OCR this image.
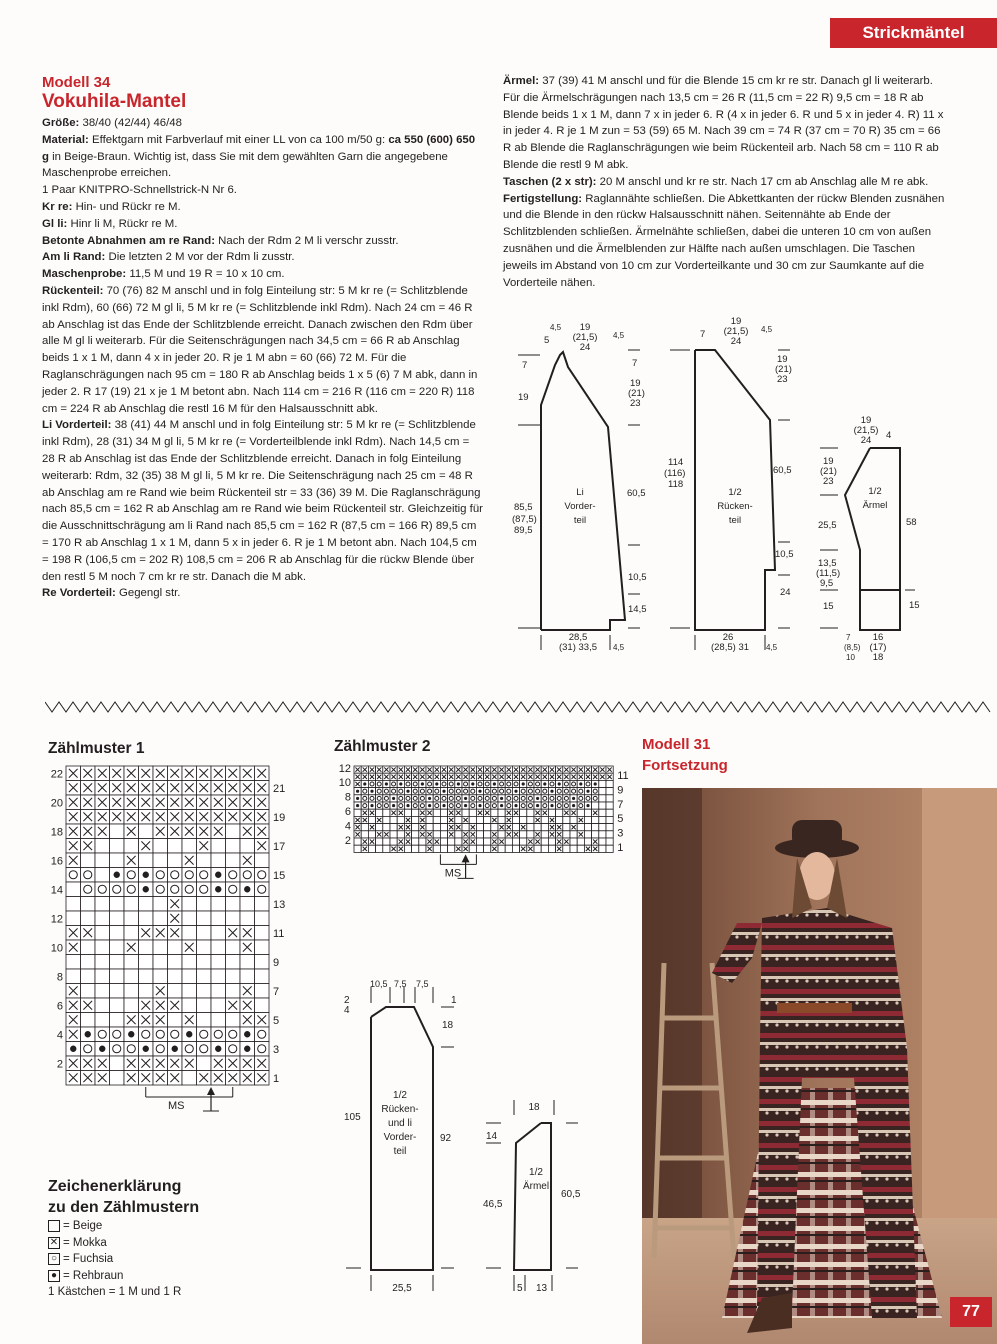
Strickmäntel
Modell 34
Vokuhila-Mantel

Größe: 38/40 (42/44) 46/48

Material: Effektgarn mit Farbverlauf mit einer LL von ca 100 m/50 g: ca 550 (600) 650 g in Beige-Braun. Wichtig ist, dass Sie mit dem gewählten Garn die angegebene Maschenprobe erreichen.

1 Paar KNITPRO-Schnellstrick-N Nr 6.

Kr re: Hin- und Rückr re M.

Gl li: Hinr li M, Rückr re M.

Betonte Abnahmen am re Rand: Nach der Rdm 2 M li verschr zusstr.

Am li Rand: Die letzten 2 M vor der Rdm li zusstr.

Maschenprobe: 11,5 M und 19 R = 10 x 10 cm.

Rückenteil: 70 (76) 82 M anschl und in folg Einteilung str: 5 M kr re (= Schlitzblende inkl Rdm), 60 (66) 72 M gl li, 5 M kr re (= Schlitzblende inkl Rdm). Nach 24 cm = 46 R ab Anschlag ist das Ende der Schlitzblende erreicht. Danach zwischen den Rdm über alle M gl li weiterarb. Für die Seitenschrägungen nach 34,5 cm = 66 R ab Anschlag beids 1 x 1 M, dann 4 x in jeder 20. R je 1 M abn = 60 (66) 72 M. Für die Raglanschrägungen nach 95 cm = 180 R ab Anschlag beids 1 x 5 (6) 7 M abk, dann in jeder 2. R 17 (19) 21 x je 1 M betont abn. Nach 114 cm = 216 R (116 cm = 220 R) 118 cm = 224 R ab Anschlag die restl 16 M für den Halsausschnitt abk.

Li Vorderteil: 38 (41) 44 M anschl und in folg Einteilung str: 5 M kr re (= Schlitzblende inkl Rdm), 28 (31) 34 M gl li, 5 M kr re (= Vorderteilblende inkl Rdm). Nach 14,5 cm = 28 R ab Anschlag ist das Ende der Schlitzblende erreicht. Danach in folg Einteilung weiterarb: Rdm, 32 (35) 38 M gl li, 5 M kr re. Die Seitenschrägung nach 25 cm = 48 R ab Anschlag am re Rand wie beim Rückenteil str = 33 (36) 39 M. Die Raglanschrägung nach 85,5 cm = 162 R ab Anschlag am re Rand wie beim Rückenteil str. Gleichzeitig für die Ausschnittschrägung am li Rand nach 85,5 cm = 162 R (87,5 cm = 166 R) 89,5 cm = 170 R ab Anschlag 1 x 1 M, dann 5 x in jeder 6. R je 1 M betont abn. Nach 104,5 cm = 198 R (106,5 cm = 202 R) 108,5 cm = 206 R ab Anschlag für die rückw Blende über den restl 5 M noch 7 cm kr re str. Danach die M abk.

Re Vorderteil: Gegengl str.

Ärmel: 37 (39) 41 M anschl und für die Blende 15 cm kr re str. Danach gl li weiterarb. Für die Ärmelschrägungen nach 13,5 cm = 26 R (11,5 cm = 22 R) 9,5 cm = 18 R ab Blende beids 1 x 1 M, dann 7 x in jeder 6. R (4 x in jeder 6. R und 5 x in jeder 4. R) 11 x in jeder 4. R je 1 M zun = 53 (59) 65 M. Nach 39 cm = 74 R (37 cm = 70 R) 35 cm = 66 R ab Blende die Raglanschrägungen wie beim Rückenteil arb. Nach 58 cm = 110 R ab Blende die restl 9 M abk.

Taschen (2 x str): 20 M anschl und kr re str. Nach 17 cm ab Anschlag alle M re abk.

Fertigstellung: Raglannähte schließen. Die Abkettkanten der rückw Blenden zusnähen und die Blende in den rückw Halsausschnitt nähen. Seitennähte ab Ende der Schlitzblenden schließen. Ärmelnähte schließen, dabei die unteren 10 cm von außen zusnähen und die Ärmelblenden zur Hälfte nach außen umschlagen. Die Taschen jeweils im Abstand von 10 cm zur Vorderteilkante und 30 cm zur Saumkante auf die Vorderteile nähen.

Li
Vorder-
teil
4,5
5
19
(21,5)
24
4,5
7
19
85,5
(87,5)
89,5
7
19
(21)
23
60,5
10,5
14,5
28,5
(31) 33,5 4,5
1/2
Rücken-
teil
7
19
(21,5)
24
4,5
114
(116)
118
19
(21)
23
60,5
10,5
24
26
(28,5) 31 4,5
1/2
Ärmel
19
(21,5)
24 4
19
(21)
23
25,5
13,5
(11,5)
9,5
15
58
15
7
(8,5)
10
16
(17)
18
Zählmuster 1
22
20
18
16
14
12
10
8
6
4
2
21
19
17
15
13
11
9
7
5
3
1
MS
Zählmuster 2
12
10
8
6
4
2
11
9
7
5
3
1
MS
10,5 7,5 7,5
2
4
1
18
105
92
25,5
1/2
Rücken-
und li
Vorder-
teil
18
14
46,5
60,5
5 13
1/2
Ärmel
Zeichenerklärung
zu den Zählmustern
= Beige
✕ = Mokka
○ = Fuchsia
● = Rehbraun
1 Kästchen = 1 M und 1 R
Modell 31
Fortsetzung
77
